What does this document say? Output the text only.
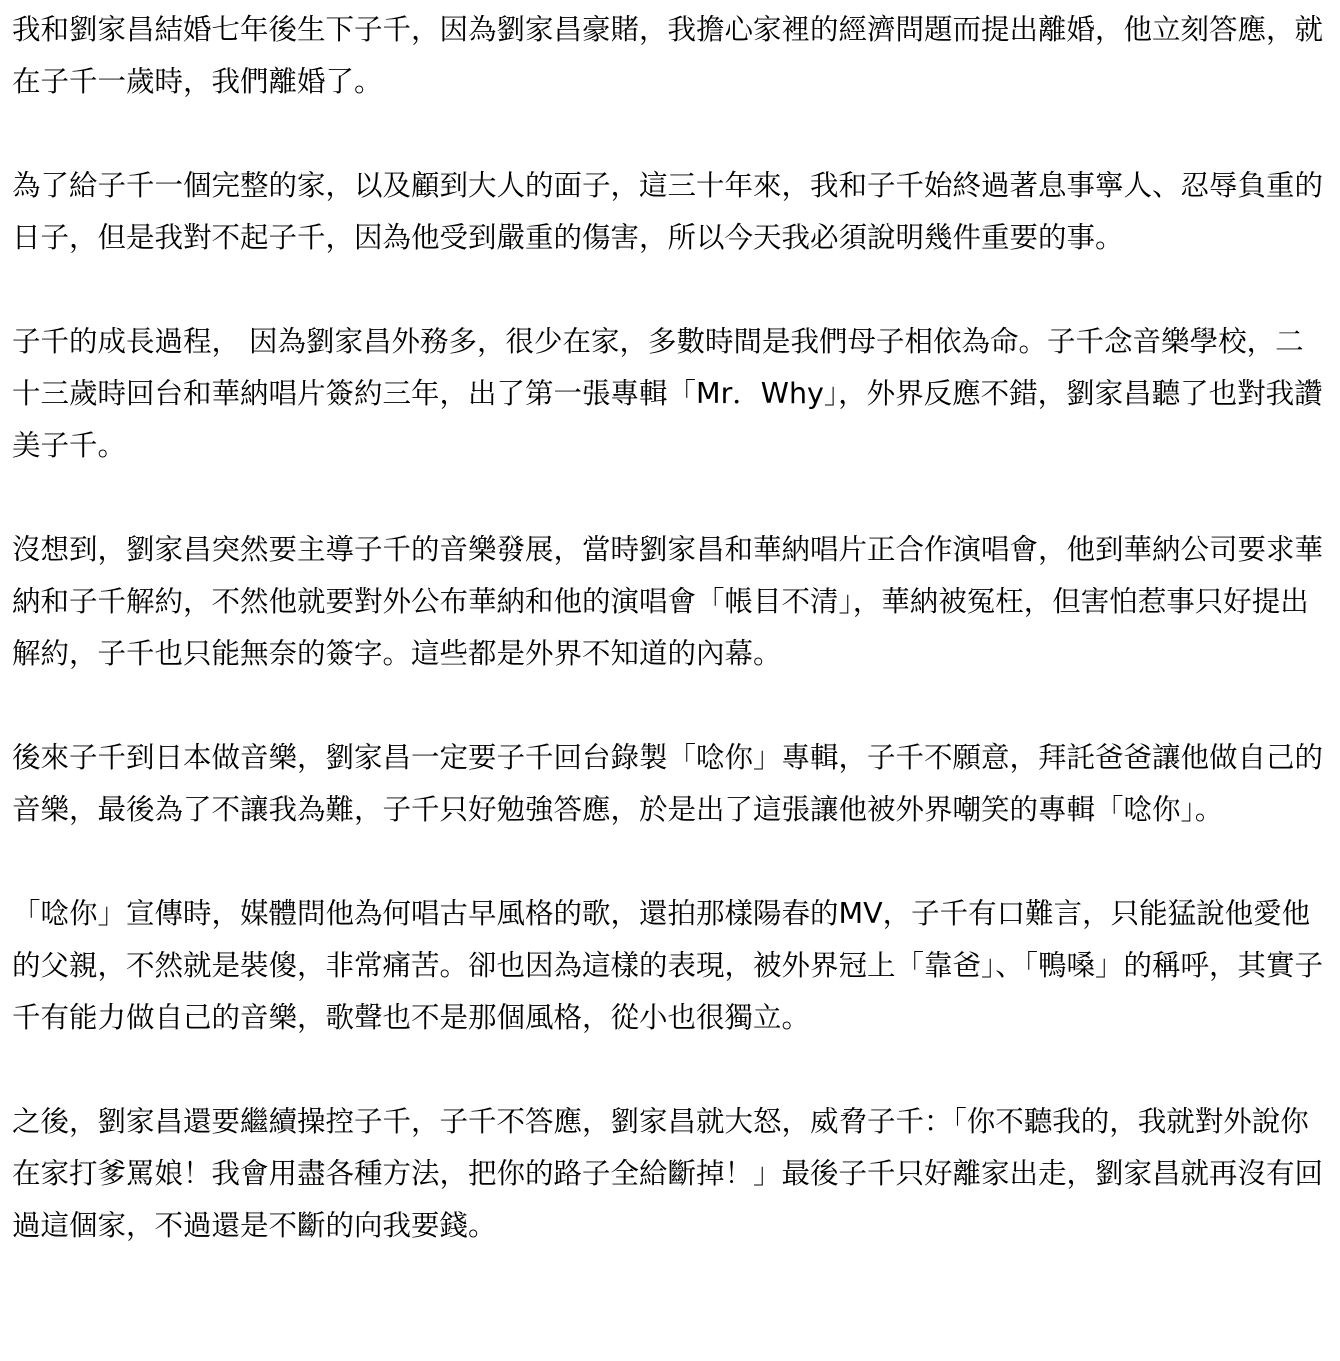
我和劉家昌結婚七年後生下子千，因為劉家昌豪賭，我擔心家裡的經濟問題而提出離婚，他立刻答應，就在子千一歲時，我們離婚了。

為了給子千一個完整的家，以及顧到大人的面子，這三十年來，我和子千始終過著息事寧人、忍辱負重的日子，但是我對不起子千，因為他受到嚴重的傷害，所以今天我必須說明幾件重要的事。

子千的成長過程， 因為劉家昌外務多，很少在家，多數時間是我們母子相依為命。子千念音樂學校，二十三歲時回台和華納唱片簽約三年，出了第一張專輯「Mr．Why」，外界反應不錯，劉家昌聽了也對我讚美子千。

沒想到，劉家昌突然要主導子千的音樂發展，當時劉家昌和華納唱片正合作演唱會，他到華納公司要求華納和子千解約，不然他就要對外公布華納和他的演唱會「帳目不清」，華納被冤枉，但害怕惹事只好提出解約，子千也只能無奈的簽字。這些都是外界不知道的內幕。

後來子千到日本做音樂，劉家昌一定要子千回台錄製「唸你」專輯，子千不願意，拜託爸爸讓他做自己的音樂，最後為了不讓我為難，子千只好勉強答應，於是出了這張讓他被外界嘲笑的專輯「唸你」。

「唸你」宣傳時，媒體問他為何唱古早風格的歌，還拍那樣陽春的MV，子千有口難言，只能猛說他愛他的父親，不然就是裝傻，非常痛苦。卻也因為這樣的表現，被外界冠上「靠爸」、「鴨嗓」的稱呼，其實子千有能力做自己的音樂，歌聲也不是那個風格，從小也很獨立。

之後，劉家昌還要繼續操控子千，子千不答應，劉家昌就大怒，威脅子千：「你不聽我的，我就對外說你在家打爹罵娘！我會用盡各種方法，把你的路子全給斷掉！」最後子千只好離家出走，劉家昌就再沒有回過這個家，不過還是不斷的向我要錢。
